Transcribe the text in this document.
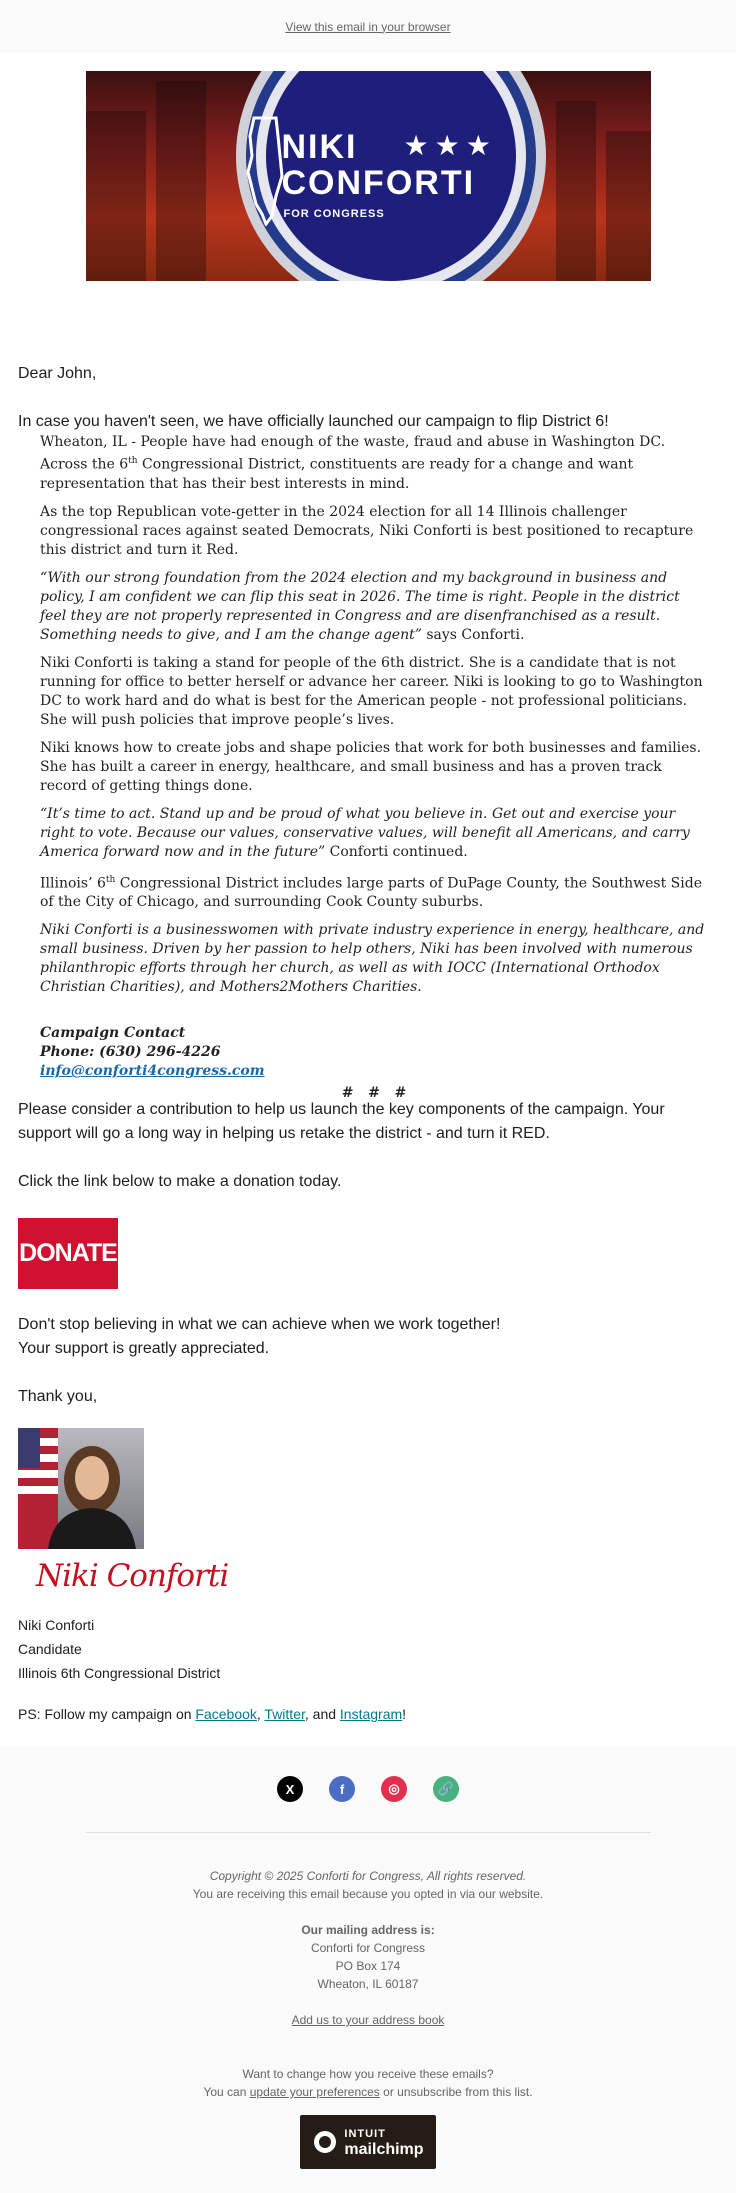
View this email in your browser
NIKI
CONFORTI
★★★
FOR CONGRESS

Dear John,

In case you haven't seen, we have officially launched our campaign to flip District 6!

Wheaton, IL - People have had enough of the waste, fraud and abuse in Washington DC. Across the 6th Congressional District, constituents are ready for a change and want representation that has their best interests in mind.

As the top Republican vote-getter in the 2024 election for all 14 Illinois challenger congressional races against seated Democrats, Niki Conforti is best positioned to recapture this district and turn it Red.

“With our strong foundation from the 2024 election and my background in business and policy, I am confident we can flip this seat in 2026. The time is right. People in the district feel they are not properly represented in Congress and are disenfranchised as a result. Something needs to give, and I am the change agent” says Conforti.

Niki Conforti is taking a stand for people of the 6th district. She is a candidate that is not running for office to better herself or advance her career. Niki is looking to go to Washington DC to work hard and do what is best for the American people - not professional politicians. She will push policies that improve people’s lives.

Niki knows how to create jobs and shape policies that work for both businesses and families. She has built a career in energy, healthcare, and small business and has a proven track record of getting things done.

“It’s time to act. Stand up and be proud of what you believe in. Get out and exercise your right to vote. Because our values, conservative values, will benefit all Americans, and carry America forward now and in the future” Conforti continued.

Illinois’ 6th Congressional District includes large parts of DuPage County, the Southwest Side of the City of Chicago, and surrounding Cook County suburbs.

Niki Conforti is a businesswomen with private industry experience in energy, healthcare, and small business. Driven by her passion to help others, Niki has been involved with numerous philanthropic efforts through her church, as well as with IOCC (International Orthodox Christian Charities), and Mothers2Mothers Charities.

Campaign Contact
Phone: (630) 296-4226
info@conforti4congress.com
#   #   #

Please consider a contribution to help us launch the key components of the campaign. Your support will go a long way in helping us retake the district - and turn it RED.

Click the link below to make a donation today.

DONATE

Don't stop believing in what we can achieve when we work together!
Your support is greatly appreciated.

Thank you,

Niki Conforti

Niki Conforti

Candidate

Illinois 6th Congressional District

PS: Follow my campaign on Facebook, Twitter, and Instagram!
X	f	◎	🔗
Copyright © 2025 Conforti for Congress, All rights reserved.
You are receiving this email because you opted in via our website.
Our mailing address is:
Conforti for Congress
PO Box 174
Wheaton, IL 60187
Add us to your address book
Want to change how you receive these emails?
You can update your preferences or unsubscribe from this list.
INTUIT
mailchimp
